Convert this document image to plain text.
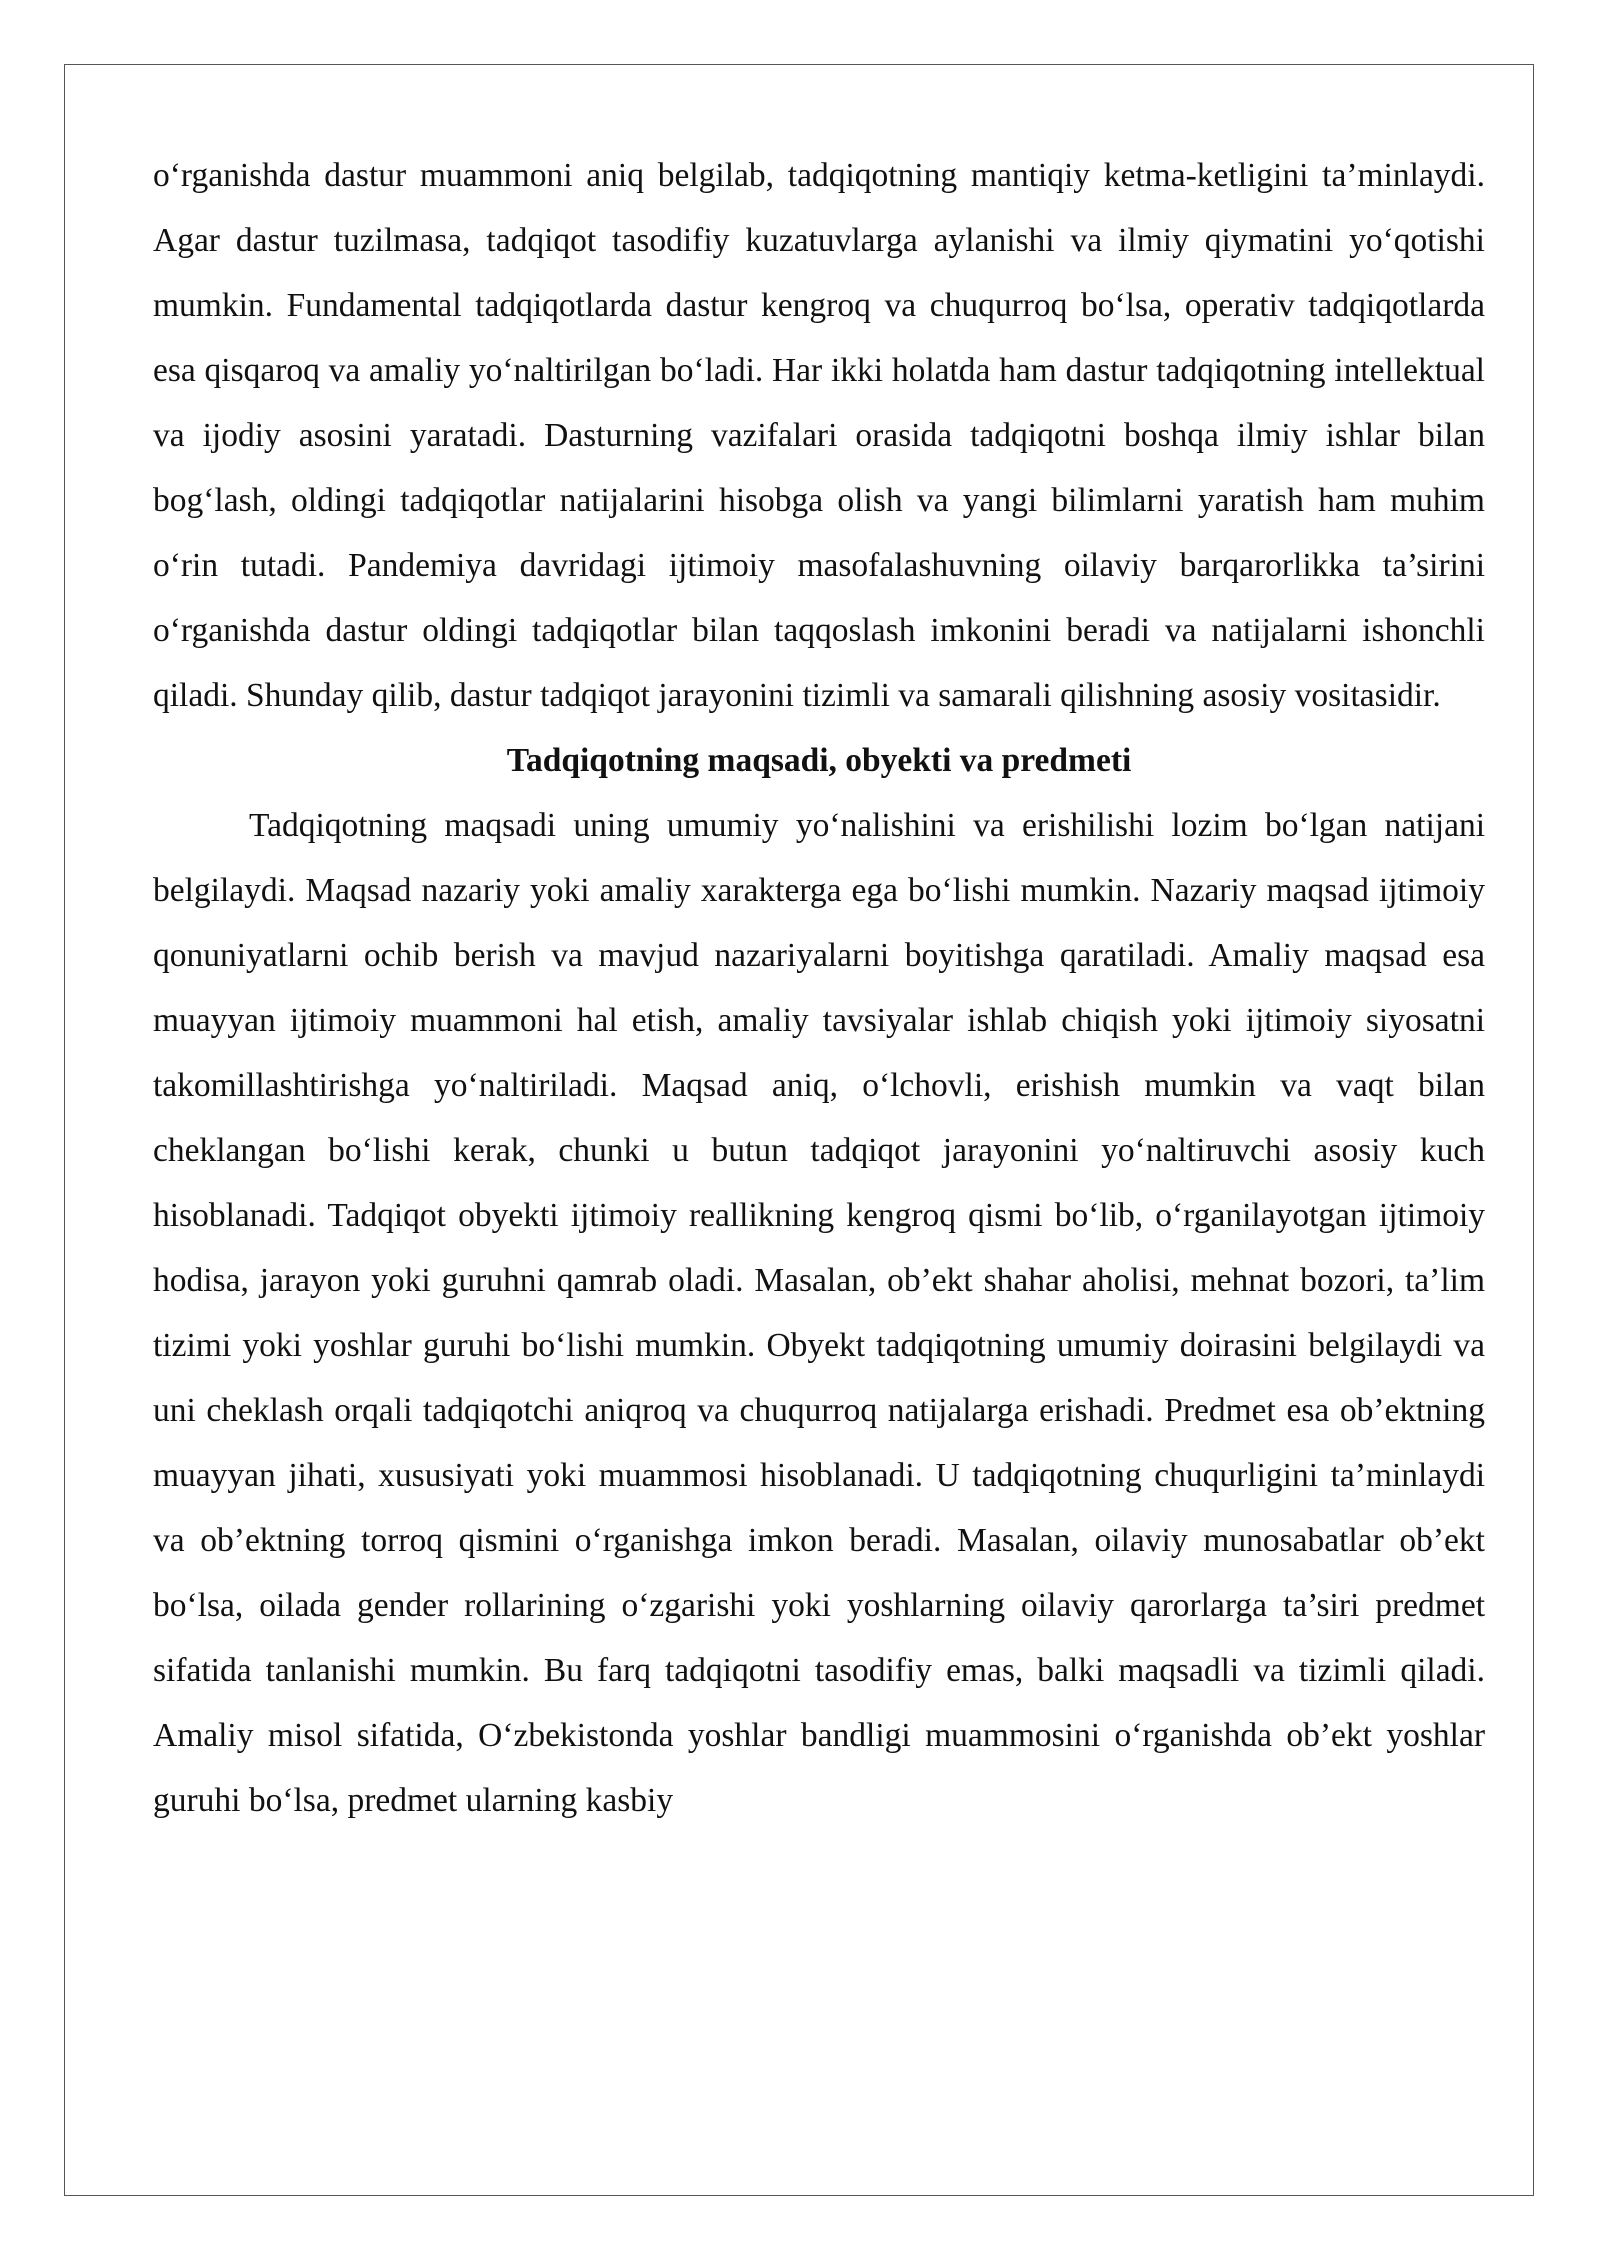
o‘rganishda dastur muammoni aniq belgilab, tadqiqotning mantiqiy ketma-ketligini ta’minlaydi. Agar dastur tuzilmasa, tadqiqot tasodifiy kuzatuvlarga aylanishi va ilmiy qiymatini yo‘qotishi mumkin. Fundamental tadqiqotlarda dastur kengroq va chuqurroq bo‘lsa, operativ tadqiqotlarda esa qisqaroq va amaliy yo‘naltirilgan bo‘ladi. Har ikki holatda ham dastur tadqiqotning intellektual va ijodiy asosini yaratadi. Dasturning vazifalari orasida tadqiqotni boshqa ilmiy ishlar bilan bog‘lash, oldingi tadqiqotlar natijalarini hisobga olish va yangi bilimlarni yaratish ham muhim o‘rin tutadi. Pandemiya davridagi ijtimoiy masofalashuvning oilaviy barqarorlikka ta’sirini o‘rganishda dastur oldingi tadqiqotlar bilan taqqoslash imkonini beradi va natijalarni ishonchli qiladi. Shunday qilib, dastur tadqiqot jarayonini tizimli va samarali qilishning asosiy vositasidir.

Tadqiqotning maqsadi, obyekti va predmeti

Tadqiqotning maqsadi uning umumiy yo‘nalishini va erishilishi lozim bo‘lgan natijani belgilaydi. Maqsad nazariy yoki amaliy xarakterga ega bo‘lishi mumkin. Nazariy maqsad ijtimoiy qonuniyatlarni ochib berish va mavjud nazariyalarni boyitishga qaratiladi. Amaliy maqsad esa muayyan ijtimoiy muammoni hal etish, amaliy tavsiyalar ishlab chiqish yoki ijtimoiy siyosatni takomillashtirishga yo‘naltiriladi. Maqsad aniq, o‘lchovli, erishish mumkin va vaqt bilan cheklangan bo‘lishi kerak, chunki u butun tadqiqot jarayonini yo‘naltiruvchi asosiy kuch hisoblanadi. Tadqiqot obyekti ijtimoiy reallikning kengroq qismi bo‘lib, o‘rganilayotgan ijtimoiy hodisa, jarayon yoki guruhni qamrab oladi. Masalan, ob’ekt shahar aholisi, mehnat bozori, ta’lim tizimi yoki yoshlar guruhi bo‘lishi mumkin. Obyekt tadqiqotning umumiy doirasini belgilaydi va uni cheklash orqali tadqiqotchi aniqroq va chuqurroq natijalarga erishadi. Predmet esa ob’ektning muayyan jihati, xususiyati yoki muammosi hisoblanadi. U tadqiqotning chuqurligini ta’minlaydi va ob’ektning torroq qismini o‘rganishga imkon beradi. Masalan, oilaviy munosabatlar ob’ekt bo‘lsa, oilada gender rollarining o‘zgarishi yoki yoshlarning oilaviy qarorlarga ta’siri predmet sifatida tanlanishi mumkin. Bu farq tadqiqotni tasodifiy emas, balki maqsadli va tizimli qiladi. Amaliy misol sifatida, O‘zbekistonda yoshlar bandligi muammosini o‘rganishda ob’ekt yoshlar guruhi bo‘lsa, predmet ularning kasbiy
